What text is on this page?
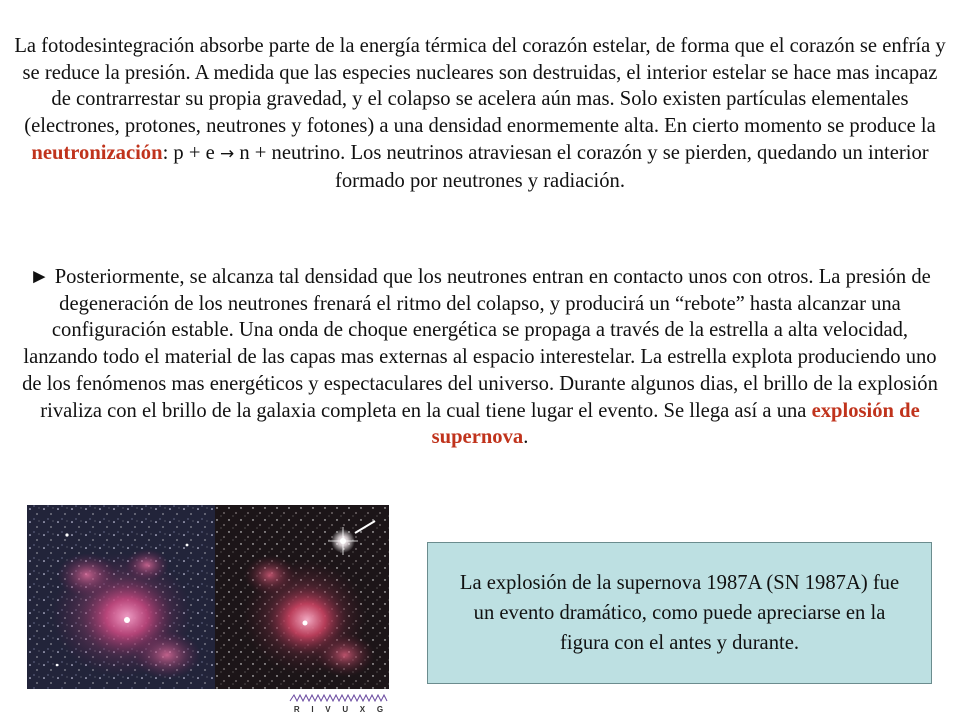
La fotodesintegración absorbe parte de la energía térmica del corazón estelar, de forma que el corazón se enfría y se reduce la presión. A medida que las especies nucleares son destruidas, el interior estelar se hace mas incapaz de contrarrestar su propia gravedad, y el colapso se acelera aún mas. Solo existen partículas elementales (electrones, protones, neutrones y fotones) a una densidad enormemente alta. En cierto momento se produce la neutronización: p + e → n + neutrino. Los neutrinos atraviesan el corazón y se pierden, quedando un interior formado por neutrones y radiación.

► Posteriormente, se alcanza tal densidad que los neutrones entran en contacto unos con otros. La presión de degeneración de los neutrones frenará el ritmo del colapso, y producirá un “rebote” hasta alcanzar una configuración estable. Una onda de choque energética se propaga a través de la estrella a alta velocidad, lanzando todo el material de las capas mas externas al espacio interestelar. La estrella explota produciendo uno de los fenómenos mas energéticos y espectaculares del universo. Durante algunos dias, el brillo de la explosión rivaliza con el brillo de la galaxia completa en la cual tiene lugar el evento. Se llega así a una explosión de supernova.

R I V U X G

La explosión de la supernova 1987A (SN 1987A) fue un evento dramático, como puede apreciarse en la figura con el antes y durante.
